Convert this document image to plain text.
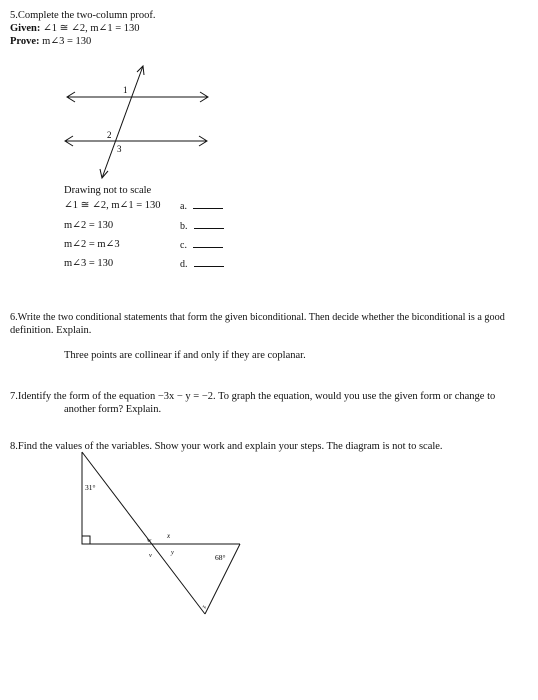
5.Complete the two-column proof.
Given: ∠1 ≅ ∠2, m∠1 = 130
Prove: m∠3 = 130
1
2
3
Drawing not to scale
∠1 ≅ ∠2, m∠1 = 130
m∠2 = 130
m∠2 = m∠3
m∠3 = 130
a.
b.
c.
d.
6.Write the two conditional statements that form the given biconditional. Then decide whether the biconditional is a good
definition. Explain.
Three points are collinear if and only if they are coplanar.
7.Identify the form of the equation −3x − y = −2. To graph the equation, would you use the given form or change to
another form? Explain.
8.Find the values of the variables. Show your work and explain your steps. The diagram is not to scale.
31°
68°
w
x
v	y
z
